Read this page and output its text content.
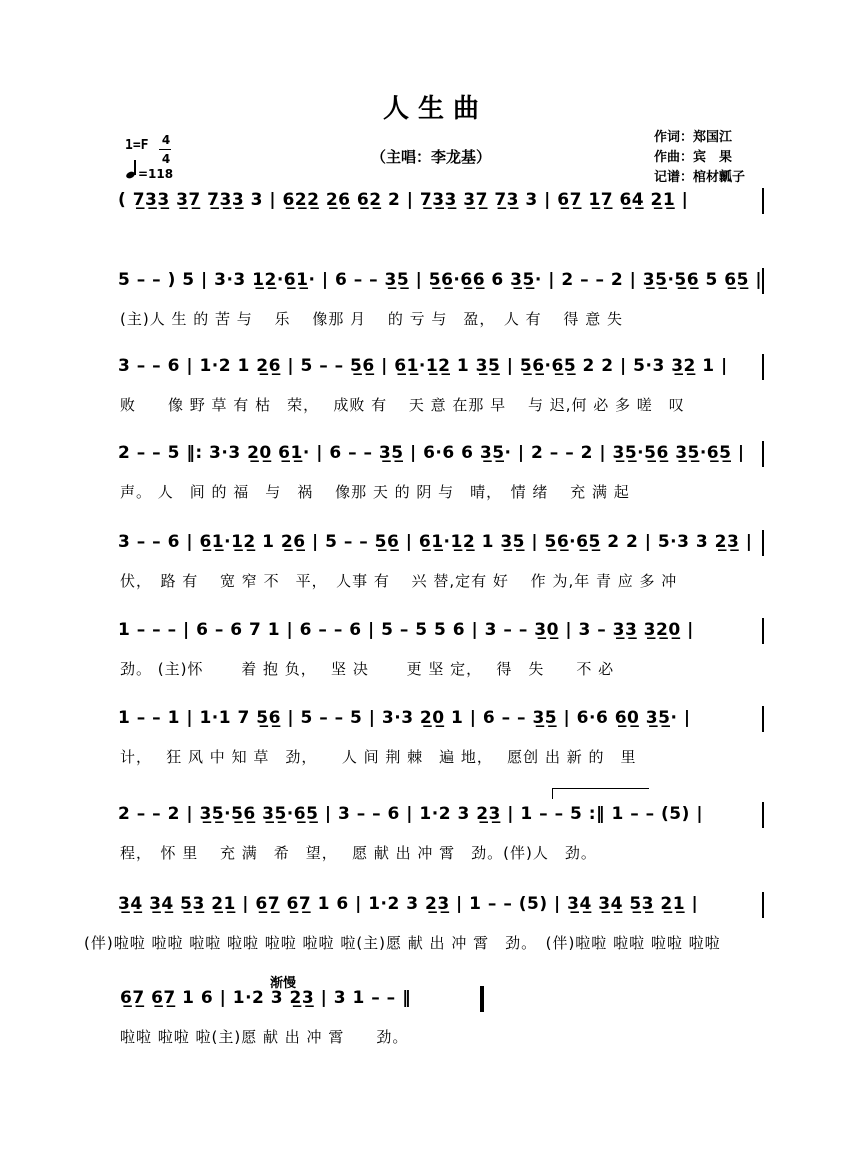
人 生 曲
（主唱：李龙基）
作词：郑国江
作曲：宾　果
记谱：棺材瓤子
1=F 4
4
=118
( 7̲3̲3̲ 3̲7̲ 7̲3̲3̲ 3 | 6̲2̲2̲ 2̲6̲ 6̲2̲ 2 | 7̲3̲3̲ 3̲7̲ 7̲3̲ 3 | 6̲7̲ 1̲7̲ 6̲4̲ 2̲1̲ |
5 – – ) 5 | 3·3 1̲2̲·6̲1̲· | 6 – – 3̲5̲ | 5̲6̲·6̲6̲ 6 3̲5̲· | 2 – – 2 | 3̲5̲·5̲6̲ 5 6̲5̲ |
(主)人 生 的 苦 与　 乐　 像那 月　 的 亏 与　盈，　人 有　 得 意 失
3 – – 6 | 1·2 1 2̲6̲ | 5 – – 5̲6̲ | 6̲1̲·1̲2̲ 1 3̲5̲ | 5̲6̲·6̲5̲ 2 2 | 5·3 3̲2̲ 1 |
败　　像 野 草 有 枯　荣，　 成败 有　 天 意 在那 早　 与 迟,何 必 多 嗟　叹
2 – – 5 ‖: 3·3 2̲0̲ 6̲1̲· | 6 – – 3̲5̲ | 6·6 6 3̲5̲· | 2 – – 2 | 3̲5̲·5̲6̲ 3̲5̲·6̲5̲ |
声。 人　间 的 福　与　祸　 像那 天 的 阴 与　晴，　情 绪　 充 满 起
3 – – 6 | 6̲1̲·1̲2̲ 1 2̲6̲ | 5 – – 5̲6̲ | 6̲1̲·1̲2̲ 1 3̲5̲ | 5̲6̲·6̲5̲ 2 2 | 5·3 3 2̲3̲ |
伏，　路 有　 宽 窄 不　平，　人事 有　 兴 替,定有 好　 作 为,年 青 应 多 冲
1 – – – | 6 – 6 7 1 | 6 – – 6 | 5 – 5 5 6 | 3 – – 3̲0̲ | 3 – 3̲3̲ 3̲2̲0̲ |
劲。 (主)怀　　 着 抱 负，　 坚 决　　 更 坚 定，　 得　失　　不 必
1 – – 1 | 1·1 7 5̲6̲ | 5 – – 5 | 3·3 2̲0̲ 1 | 6 – – 3̲5̲ | 6·6 6̲0̲ 3̲5̲· |
计，　 狂 风 中 知 草　劲，　　人 间 荆 棘　遍 地，　 愿创 出 新 的　里
2 – – 2 | 3̲5̲·5̲6̲ 3̲5̲·6̲5̲ | 3 – – 6 | 1·2 3 2̲3̲ | 1 – – 5 :‖ 1 – – (5) |
程，　怀 里　 充 满　希　望，　 愿 献 出 冲 霄　劲。(伴)人　劲。
3̲4̲ 3̲4̲ 5̲3̲ 2̲1̲ | 6̲7̲ 6̲7̲ 1 6 | 1·2 3 2̲3̲ | 1 – – (5) | 3̲4̲ 3̲4̲ 5̲3̲ 2̲1̲ |
(伴)啦啦 啦啦 啦啦 啦啦 啦啦 啦啦 啦(主)愿 献 出 冲 霄　劲。　(伴)啦啦 啦啦 啦啦 啦啦
6̲7̲ 6̲7̲ 1 6 | 1·2 3 2̲3̲ | 3 1 – – ‖
啦啦 啦啦 啦(主)愿 献 出 冲 霄　　劲。
渐慢
